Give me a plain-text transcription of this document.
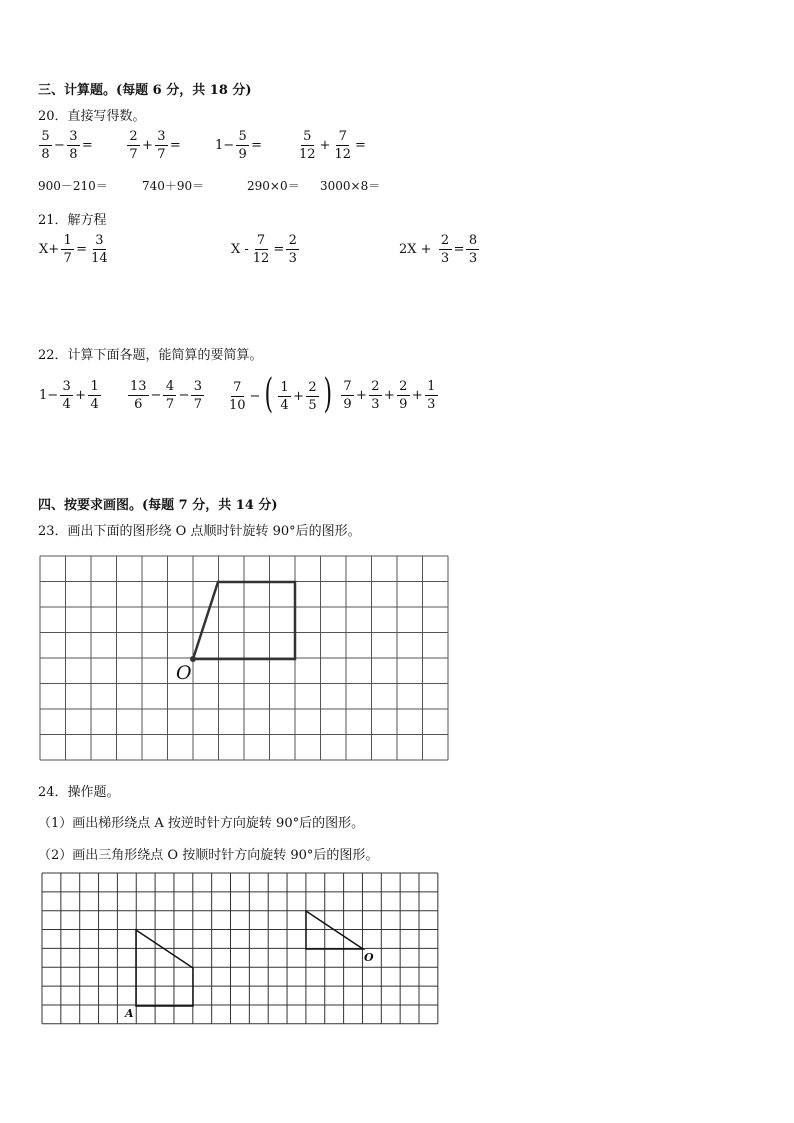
三、计算题。(每题 6 分，共 18 分)
20．直接写得数。
$\frac{5}{8} - \frac{3}{8}$ =	$\frac{2}{7} + \frac{3}{7}$ =	$1- \frac{5}{9}$ =	$\frac{5}{12} + \frac{7}{12}$ =
900－210＝	740＋90＝	290×0＝ 3000×8＝
21．解方程
$X+ \frac{1}{7} = \frac{3}{14}$	$X - \frac{7}{12} = \frac{2}{3}$	$2X + \frac{2}{3} = \frac{8}{3}$
22．计算下面各题，能简算的要简算。
$1- \frac{3}{4} + \frac{1}{4} \frac{13}{6} - \frac{4}{7} - \frac{3}{7} \frac{7}{10}$ − ( $\frac{1}{4} + \frac{2}{5}$ ) $\frac{7}{9} + \frac{2}{3} + \frac{2}{9} + \frac{1}{3}$
四、按要求画图。(每题 7 分，共 14 分)
23．画出下面的图形绕 O 点顺时针旋转 90°后的图形。
O
24．操作题。
（1）画出梯形绕点 A 按逆时针方向旋转 90°后的图形。
（2）画出三角形绕点 O 按顺时针方向旋转 90°后的图形。
A
O
